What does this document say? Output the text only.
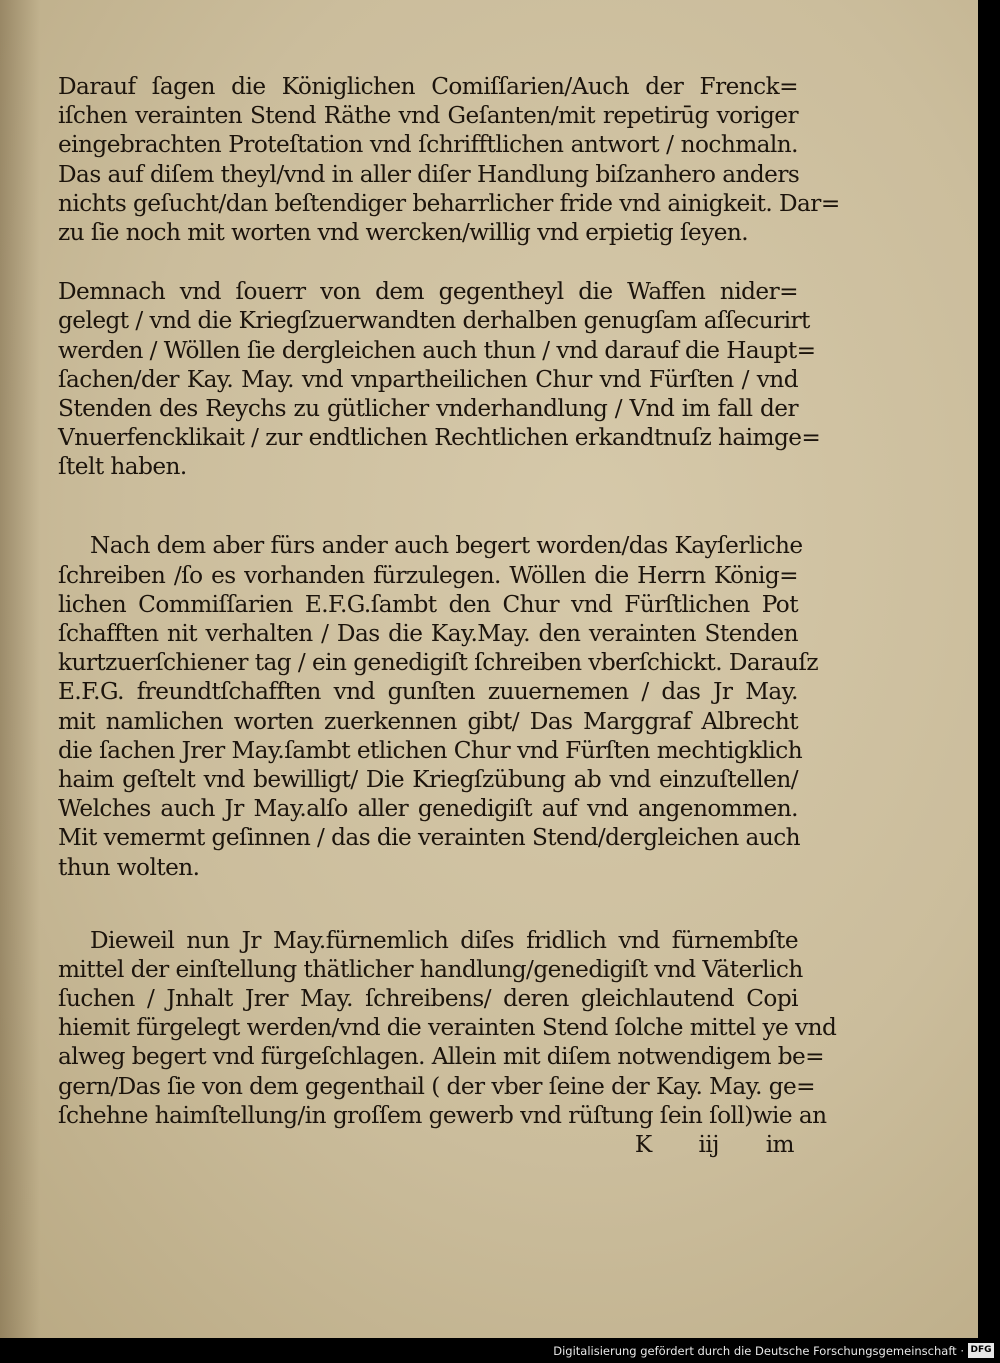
Darauf ſagen die Königlichen Comiſſarien/Auch der Frenck=
iſchen verainten Stend Räthe vnd Geſanten/mit repetirūg voriger
eingebrachten Proteſtation vnd ſchrifftlichen antwort / nochmaln.
Das auf diſem theyl/vnd in aller diſer Handlung biſzanhero anders
nichts geſucht/dan beſtendiger beharrlicher fride vnd ainigkeit. Dar=
zu ſie noch mit worten vnd wercken/willig vnd erpietig ſeyen.
Demnach vnd ſouerr von dem gegentheyl die Waffen nider=
gelegt / vnd die Kriegſzuerwandten derhalben genugſam aſſecurirt
werden / Wöllen ſie dergleichen auch thun / vnd darauf die Haupt=
ſachen/der Kay. May. vnd vnpartheilichen Chur vnd Fürſten / vnd
Stenden des Reychs zu gütlicher vnderhandlung / Vnd im fall der
Vnuerfencklikait / zur endtlichen Rechtlichen erkandtnuſz haimge=
ſtelt haben.
Nach dem aber fürs ander auch begert worden/das Kayſerliche
ſchreiben /ſo es vorhanden fürzulegen. Wöllen die Herrn König=
lichen Commiſſarien E.F.G.ſambt den Chur vnd Fürſtlichen Pot
ſchafften nit verhalten / Das die Kay.May. den verainten Stenden
kurtzuerſchiener tag / ein genedigiſt ſchreiben vberſchickt. Darauſz
E.F.G. freundtſchafften vnd gunſten zuuernemen / das Jr May.
mit namlichen worten zuerkennen gibt/ Das Marggraf Albrecht
die ſachen Jrer May.ſambt etlichen Chur vnd Fürſten mechtigklich
haim geſtelt vnd bewilligt/ Die Kriegſzübung ab vnd einzuſtellen/
Welches auch Jr May.alſo aller genedigiſt auf vnd angenommen.
Mit vemermt geſinnen / das die verainten Stend/dergleichen auch
thun wolten.
Dieweil nun Jr May.fürnemlich diſes fridlich vnd fürnembſte
mittel der einſtellung thätlicher handlung/genedigiſt vnd Väterlich
ſuchen / Jnhalt Jrer May. ſchreibens/ deren gleichlautend Copi
hiemit fürgelegt werden/vnd die verainten Stend ſolche mittel ye vnd
alweg begert vnd fürgeſchlagen. Allein mit diſem notwendigem be=
gern/Das ſie von dem gegenthail ( der vber ſeine der Kay. May. ge=
ſchehne haimſtellung/in groſſem gewerb vnd rüſtung ſein ſoll)wie an
K iij im
Digitalisierung gefördert durch die Deutsche Forschungsgemeinschaft · DFG
